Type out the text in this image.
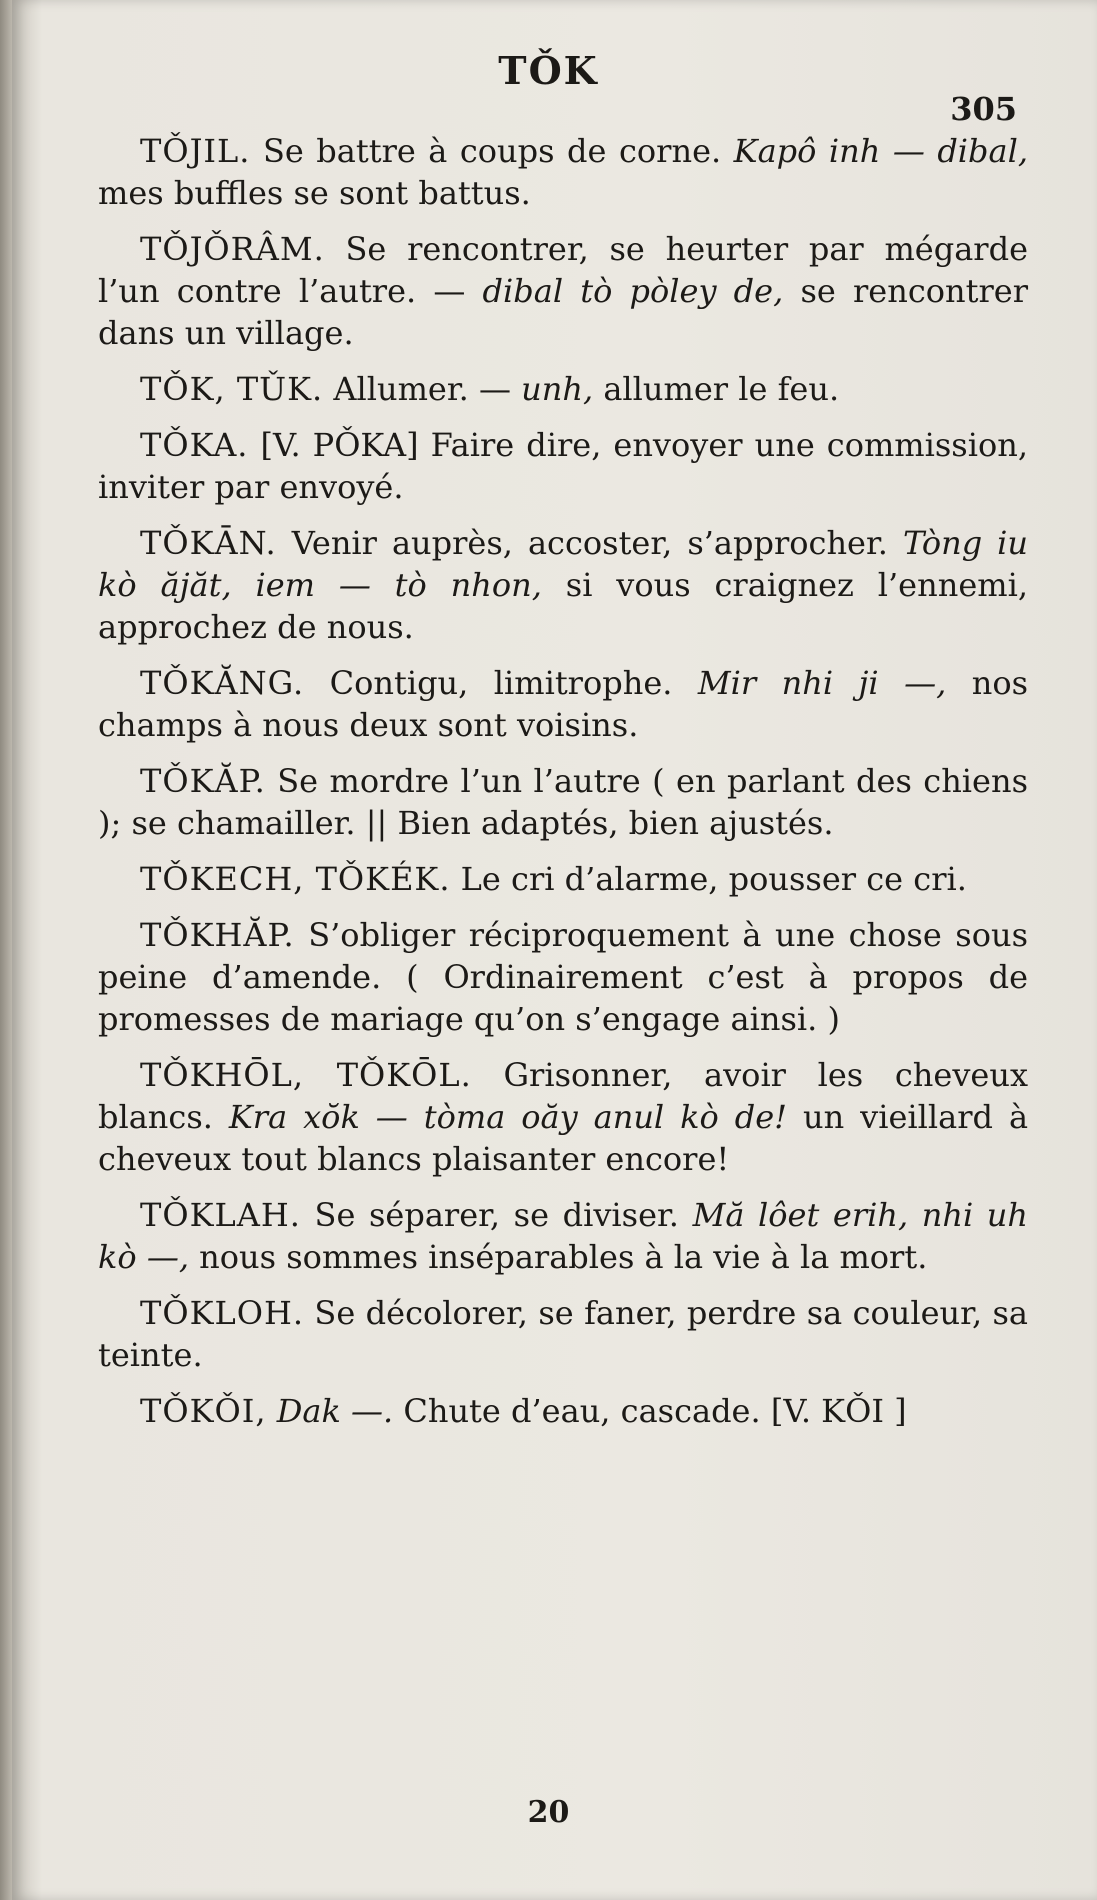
TǑK
305

TǑJIL. Se battre à coups de corne. Kapô inh — dibal, mes buffles se sont battus.

TǑJǑRÂM. Se rencontrer, se heurter par mégarde l’un contre l’autre. — dibal tò pòley de, se rencontrer dans un village.

TǑK, TǓK. Allumer. — unh, allumer le feu.

TǑKA. [V. PǑKA] Faire dire, envoyer une commission, inviter par envoyé.

TǑKĀN. Venir auprès, accoster, s’approcher. Tòng iu kò ăjăt, iem — tò nhon, si vous craignez l’ennemi, approchez de nous.

TǑKĂNG. Contigu, limitrophe. Mir nhi ji —, nos champs à nous deux sont voisins.

TǑKĂP. Se mordre l’un l’autre ( en parlant des chiens ); se chamailler. || Bien adaptés, bien ajustés.

TǑKECH, TǑKÉK. Le cri d’alarme, pousser ce cri.

TǑKHĂP. S’obliger réciproquement à une chose sous peine d’amende. ( Ordinairement c’est à propos de promesses de mariage qu’on s’engage ainsi. )

TǑKHŌL, TǑKŌL. Grisonner, avoir les cheveux blancs. Kra xŏk — tòma oăy anul kò de! un vieillard à cheveux tout blancs plaisanter encore!

TǑKLAH. Se séparer, se diviser. Mă lôet erih, nhi uh kò —, nous sommes inséparables à la vie à la mort.

TǑKLOH. Se décolorer, se faner, perdre sa couleur, sa teinte.

TǑKǑI, Dak —. Chute d’eau, cascade. [V. KǑI ]

20
